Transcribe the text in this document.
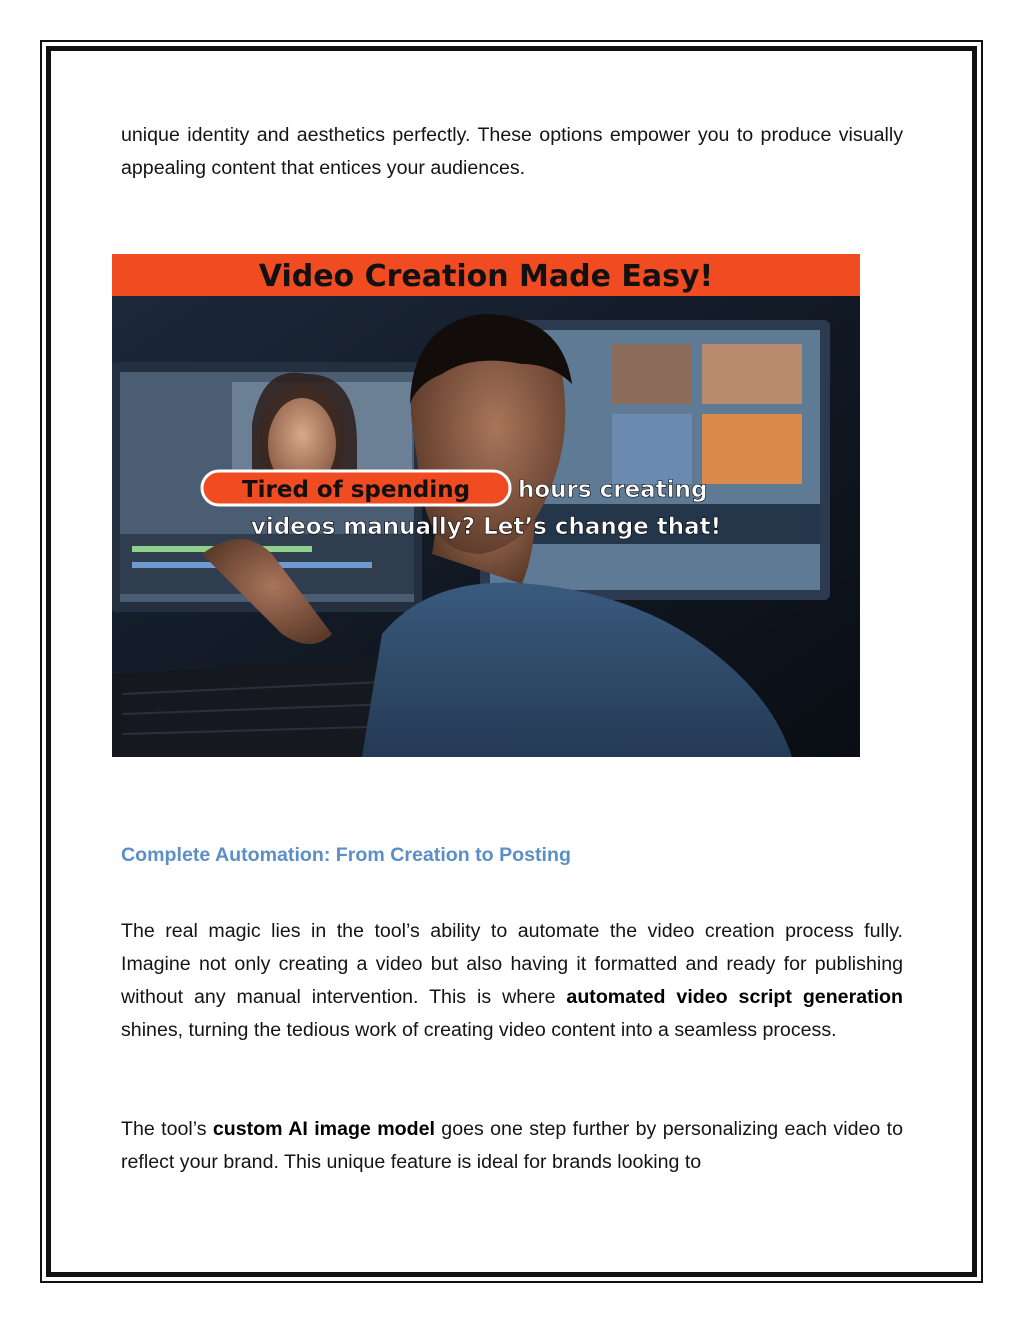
unique identity and aesthetics perfectly. These options empower you to produce visually appealing content that entices your audiences.

Video Creation Made Easy!
Tired of spending hours creating
videos manually? Let’s change that!
Complete Automation: From Creation to Posting

The real magic lies in the tool’s ability to automate the video creation process fully. Imagine not only creating a video but also having it formatted and ready for publishing without any manual intervention. This is where automated video script generation shines, turning the tedious work of creating video content into a seamless process.

The tool’s custom AI image model goes one step further by personalizing each video to reflect your brand. This unique feature is ideal for brands looking to
